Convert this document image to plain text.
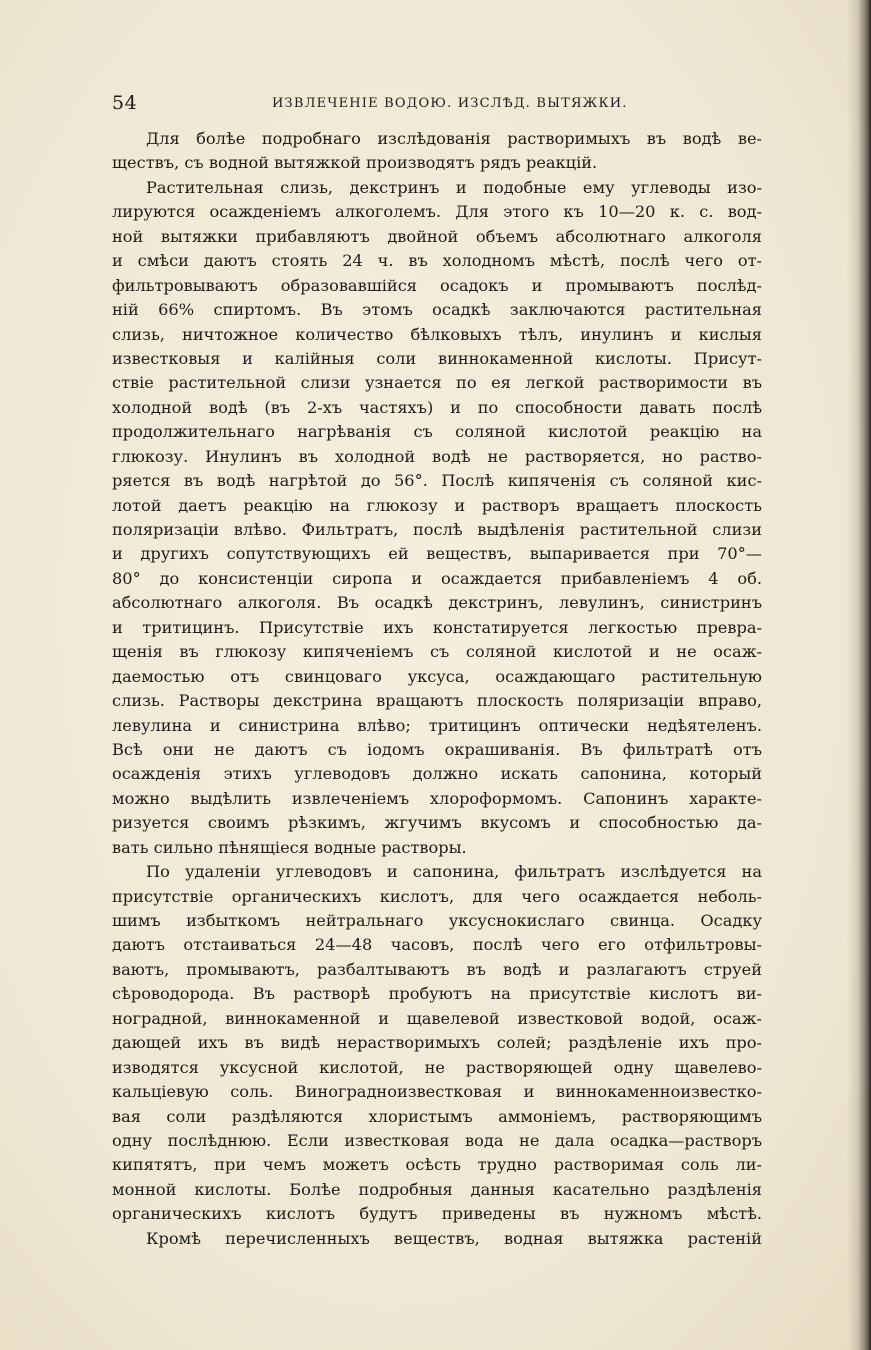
54	ИЗВЛЕЧЕНІЕ ВОДОЮ. ИЗСЛѢД. ВЫТЯЖКИ.
Для болѣе подробнаго изслѣдованія растворимыхъ въ водѣ ве-
ществъ, съ водной вытяжкой производятъ рядъ реакцій.
Растительная слизь, декстринъ и подобные ему углеводы изо-
лируются осажденіемъ алкоголемъ. Для этого къ 10—20 к. с. вод-
ной вытяжки прибавляютъ двойной объемъ абсолютнаго алкоголя
и смѣси даютъ стоять 24 ч. въ холодномъ мѣстѣ, послѣ чего от-
фильтровываютъ образовавшійся осадокъ и промываютъ послѣд-
ній 66% спиртомъ. Въ этомъ осадкѣ заключаются растительная
слизь, ничтожное количество бѣлковыхъ тѣлъ, инулинъ и кислыя
известковыя и калійныя соли виннокаменной кислоты. Присут-
ствіе растительной слизи узнается по ея легкой растворимости въ
холодной водѣ (въ 2-хъ частяхъ) и по способности давать послѣ
продолжительнаго нагрѣванія съ соляной кислотой реакцію на
глюкозу. Инулинъ въ холодной водѣ не растворяется, но раство-
ряется въ водѣ нагрѣтой до 56°. Послѣ кипяченія съ соляной кис-
лотой даетъ реакцію на глюкозу и растворъ вращаетъ плоскость
поляризаціи влѣво. Фильтратъ, послѣ выдѣленія растительной слизи
и другихъ сопутствующихъ ей веществъ, выпаривается при 70°—
80° до консистенціи сиропа и осаждается прибавленіемъ 4 об.
абсолютнаго алкоголя. Въ осадкѣ декстринъ, левулинъ, синистринъ
и тритицинъ. Присутствіе ихъ констатируется легкостью превра-
щенія въ глюкозу кипяченіемъ съ соляной кислотой и не осаж-
даемостью отъ свинцоваго уксуса, осаждающаго растительную
слизь. Растворы декстрина вращаютъ плоскость поляризаціи вправо,
левулина и синистрина влѣво; тритицинъ оптически недѣятеленъ.
Всѣ они не даютъ съ іодомъ окрашиванія. Въ фильтратѣ отъ
осажденія этихъ углеводовъ должно искать сапонина, который
можно выдѣлить извлеченіемъ хлороформомъ. Сапонинъ характе-
ризуется своимъ рѣзкимъ, жгучимъ вкусомъ и способностью да-
вать сильно пѣнящіеся водные растворы.
По удаленіи углеводовъ и сапонина, фильтратъ изслѣдуется на
присутствіе органическихъ кислотъ, для чего осаждается неболь-
шимъ избыткомъ нейтральнаго уксуснокислаго свинца. Осадку
даютъ отстаиваться 24—48 часовъ, послѣ чего его отфильтровы-
ваютъ, промываютъ, разбалтываютъ въ водѣ и разлагаютъ струей
сѣроводорода. Въ растворѣ пробуютъ на присутствіе кислотъ ви-
ноградной, виннокаменной и щавелевой известковой водой, осаж-
дающей ихъ въ видѣ нерастворимыхъ солей; раздѣленіе ихъ про-
изводятся уксусной кислотой, не растворяющей одну щавелево-
кальціевую соль. Виноградноизвестковая и виннокаменноизвестко-
вая соли раздѣляются хлористымъ аммоніемъ, растворяющимъ
одну послѣднюю. Если известковая вода не дала осадка—растворъ
кипятятъ, при чемъ можетъ осѣсть трудно растворимая соль ли-
монной кислоты. Болѣе подробныя данныя касательно раздѣленія
органическихъ кислотъ будутъ приведены въ нужномъ мѣстѣ.
Кромѣ перечисленныхъ веществъ, водная вытяжка растеній
